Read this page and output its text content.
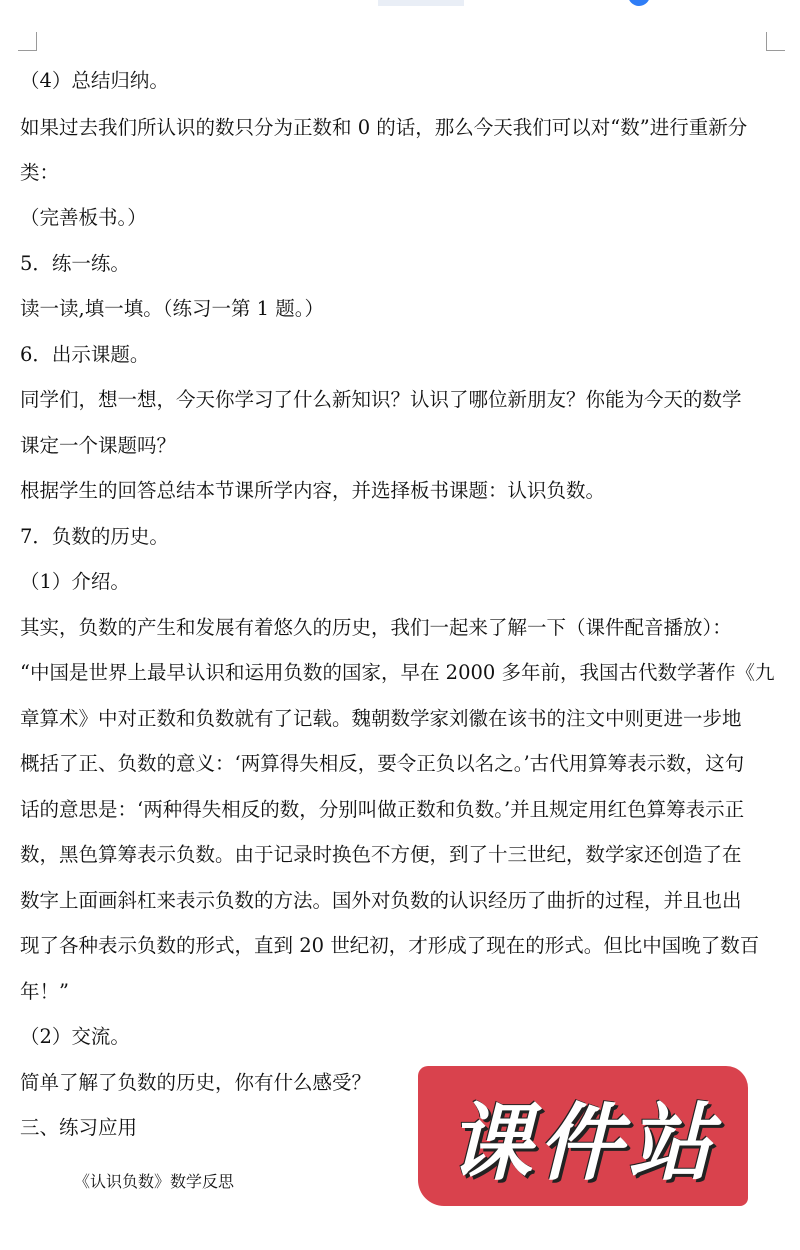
（4）总结归纳。
如果过去我们所认识的数只分为正数和 0 的话，那么今天我们可以对“数”进行重新分
类：
（完善板书。）
5．练一练。
读一读,填一填。（练习一第 1 题。）
6．出示课题。
同学们，想一想，今天你学习了什么新知识？认识了哪位新朋友？你能为今天的数学
课定一个课题吗？
根据学生的回答总结本节课所学内容，并选择板书课题：认识负数。
7．负数的历史。
（1）介绍。
其实，负数的产生和发展有着悠久的历史，我们一起来了解一下（课件配音播放）：
“中国是世界上最早认识和运用负数的国家，早在 2000 多年前，我国古代数学著作《九
章算术》中对正数和负数就有了记载。魏朝数学家刘徽在该书的注文中则更进一步地
概括了正、负数的意义：‘两算得失相反，要令正负以名之。’古代用算筹表示数，这句
话的意思是：‘两种得失相反的数，分别叫做正数和负数。’并且规定用红色算筹表示正
数，黑色算筹表示负数。由于记录时换色不方便，到了十三世纪，数学家还创造了在
数字上面画斜杠来表示负数的方法。国外对负数的认识经历了曲折的过程，并且也出
现了各种表示负数的形式，直到 20 世纪初，才形成了现在的形式。但比中国晚了数百
年！”
（2）交流。
简单了解了负数的历史，你有什么感受？
三、练习应用
《认识负数》数学反思	课件站
